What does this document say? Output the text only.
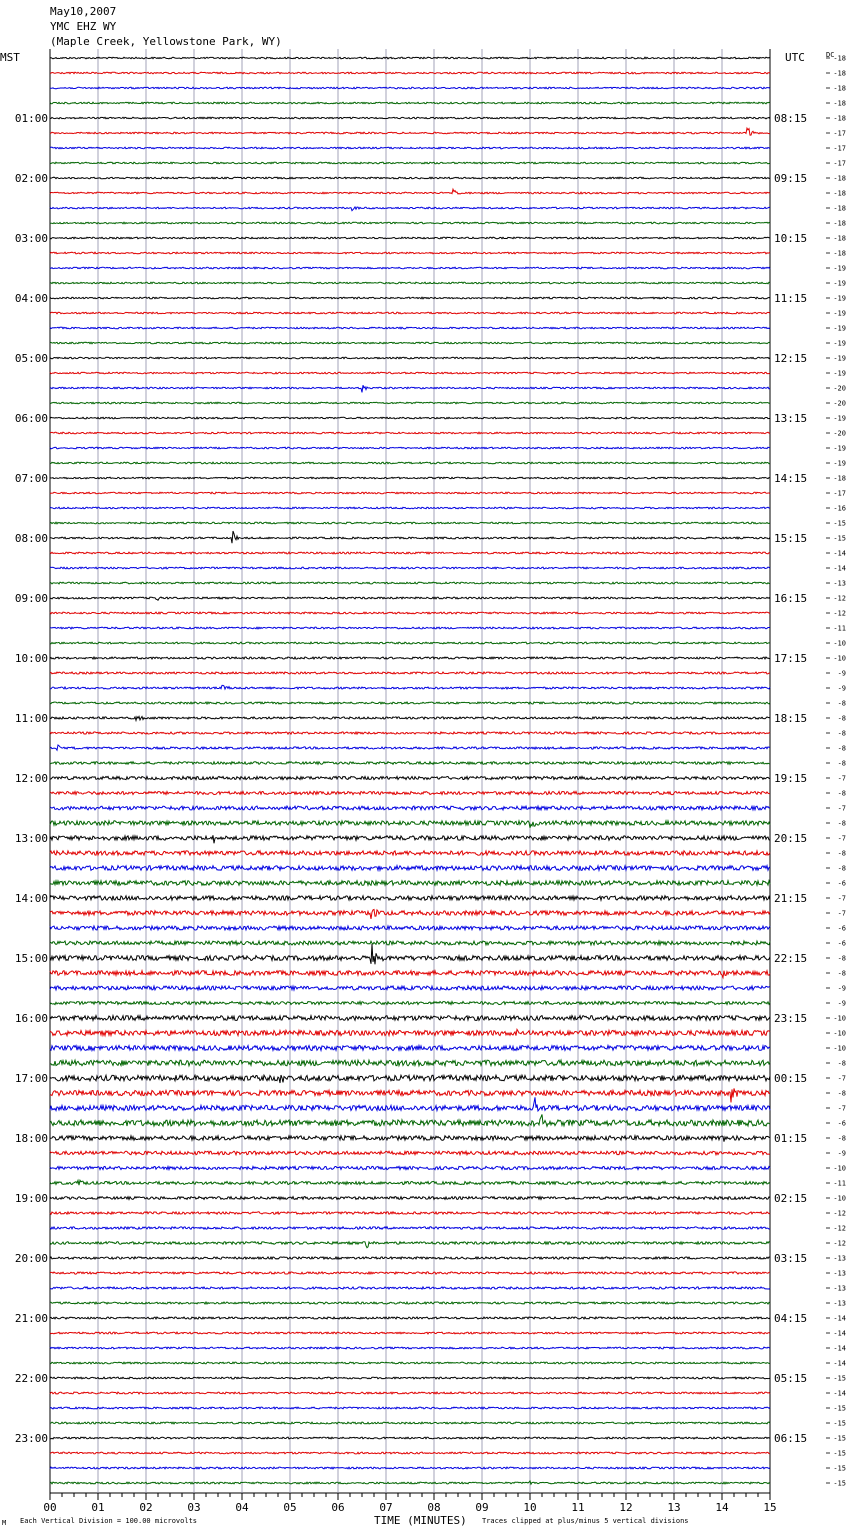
May10,2007
YMC EHZ WY
(Maple Creek, Yellowstone Park, WY)
00	01	02	03	04	05	06	07	08	09	10	11	12	13	14	15
-18
-18
-18
-18
-18
-17
-17
-17
-18
-18
-18
-18
-18
-18
-19
-19
-19
-19
-19
-19
-19
-19
-20
-20
-19
-20
-19
-19
-18
-17
-16
-15
-15
-14
-14
-13
-12
-12
-11
-10
-10
-9
-9
-8
-8
-8
-8
-8
-7
-8
-7
-8
-7
-8
-8
-6
-7
-7
-6
-6
-8
-8
-9
-9
-10
-10
-10
-8
-7
-8
-7
-6
-8
-9
-10
-11
-10
-12
-12
-12
-13
-13
-13
-13
-14
-14
-14
-14
-15
-14
-15
-15
-15
-15
-15
-15
01:00
02:00
03:00
04:00
05:00
06:00
07:00
08:00
09:00
10:00
11:00
12:00
13:00
14:00
15:00
16:00
17:00
18:00
19:00
20:00
21:00
22:00
23:00
08:15
09:15
10:15
11:15
12:15
13:15
14:15
15:15
16:15
17:15
18:15
19:15
20:15
21:15
22:15
23:15
00:15
01:15
02:15
03:15
04:15
05:15
06:15
MST	UTC	DC
M Each Vertical Division = 100.00 microvolts	TIME (MINUTES) Traces clipped at plus/minus 5 vertical divisions
